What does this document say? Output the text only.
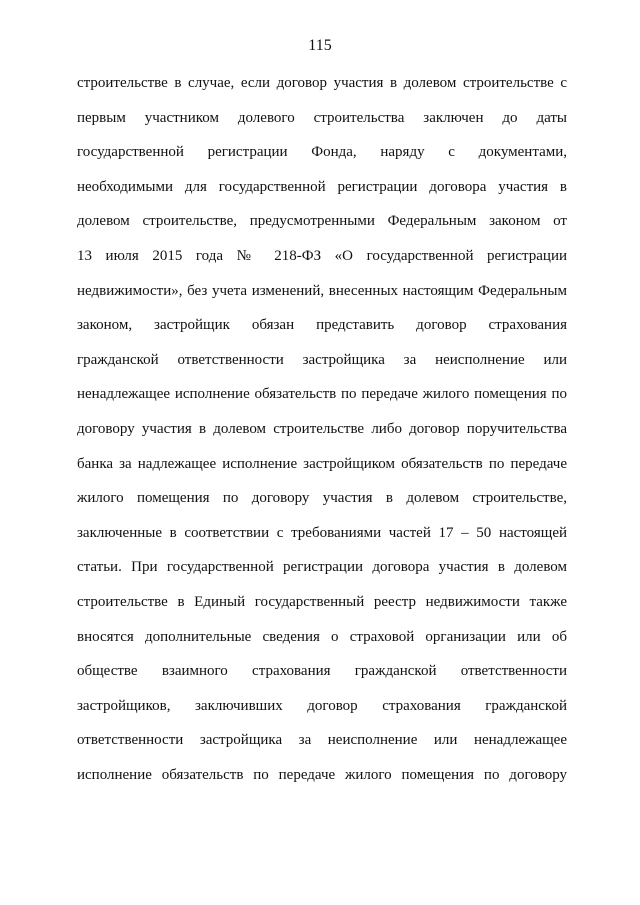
115
строительстве в случае, если договор участия в долевом строительстве с
первым участником долевого строительства заключен до даты
государственной регистрации Фонда, наряду с документами,
необходимыми для государственной регистрации договора участия в
долевом строительстве, предусмотренными Федеральным законом от
13 июля 2015 года № 218-ФЗ «О государственной регистрации
недвижимости», без учета изменений, внесенных настоящим Федеральным
законом, застройщик обязан представить договор страхования
гражданской ответственности застройщика за неисполнение или
ненадлежащее исполнение обязательств по передаче жилого помещения по
договору участия в долевом строительстве либо договор поручительства
банка за надлежащее исполнение застройщиком обязательств по передаче
жилого помещения по договору участия в долевом строительстве,
заключенные в соответствии с требованиями частей 17 – 50 настоящей
статьи. При государственной регистрации договора участия в долевом
строительстве в Единый государственный реестр недвижимости также
вносятся дополнительные сведения о страховой организации или об
обществе взаимного страхования гражданской ответственности
застройщиков, заключивших договор страхования гражданской
ответственности застройщика за неисполнение или ненадлежащее
исполнение обязательств по передаче жилого помещения по договору
